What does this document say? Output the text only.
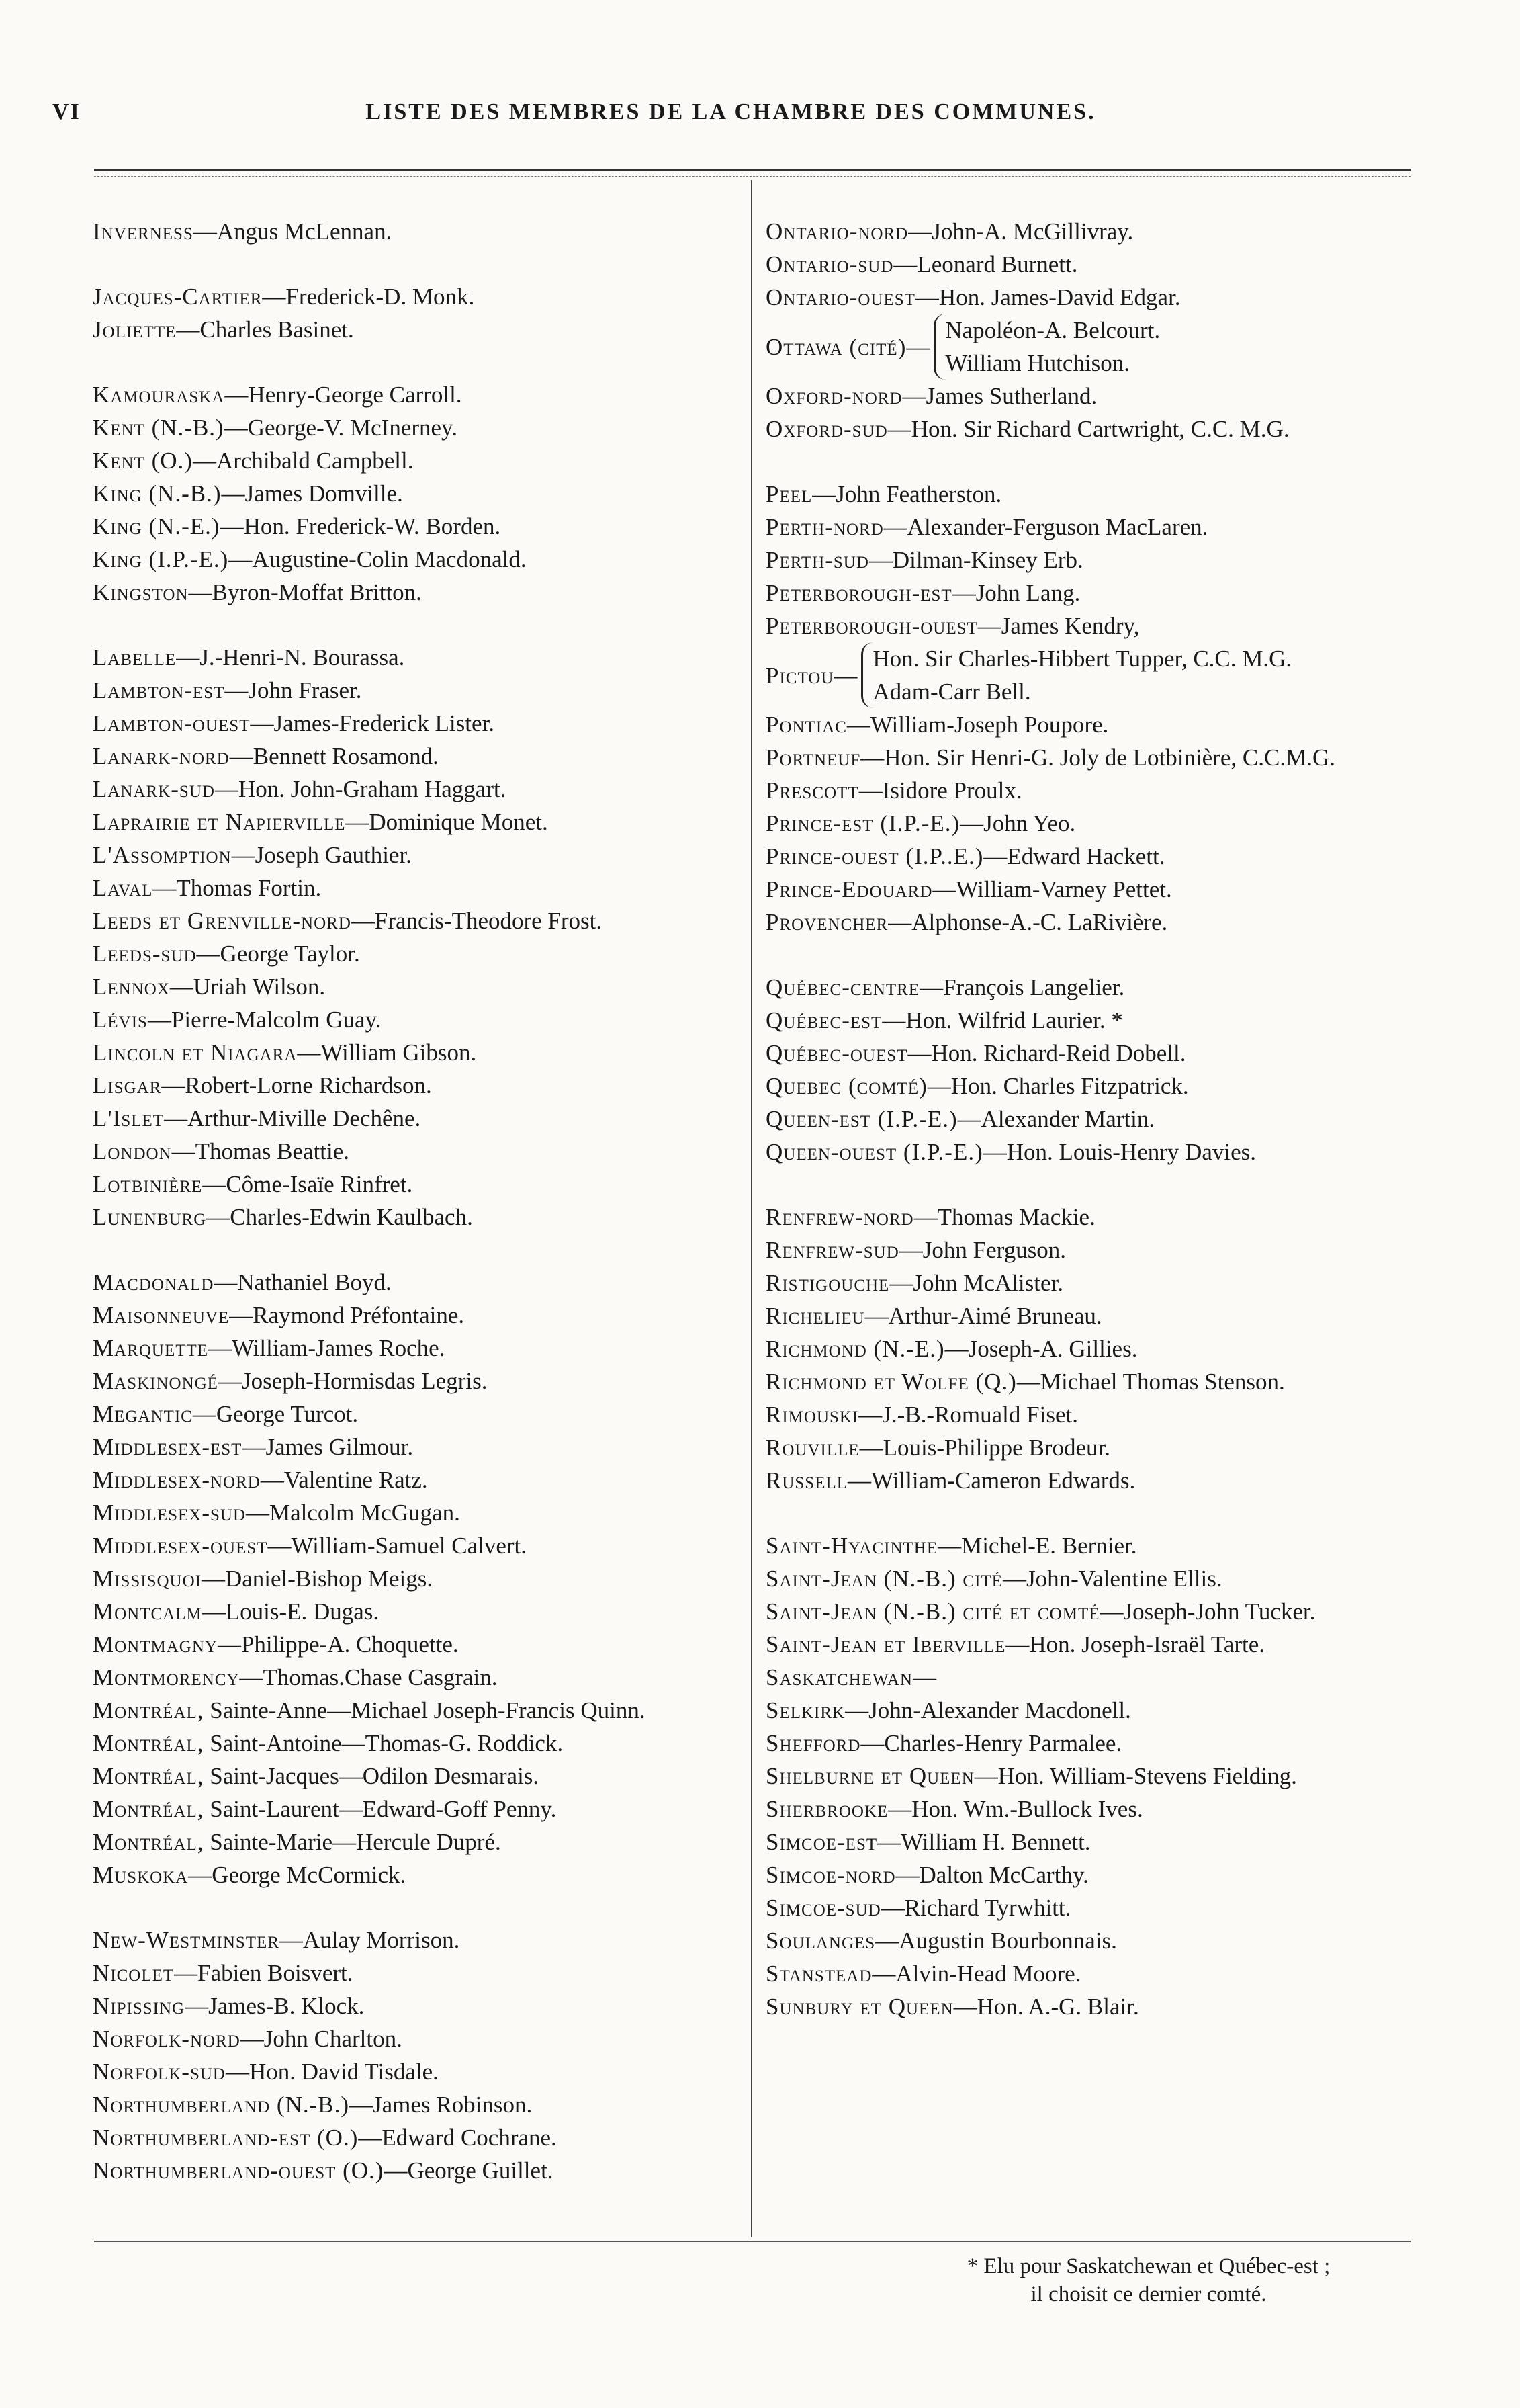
VI	LISTE DES MEMBRES DE LA CHAMBRE DES COMMUNES.
Inverness—Angus McLennan.
Jacques-Cartier—Frederick-D. Monk.
Joliette—Charles Basinet.
Kamouraska—Henry-George Carroll.
Kent (N.-B.)—George-V. McInerney.
Kent (O.)—Archibald Campbell.
King (N.-B.)—James Domville.
King (N.-E.)—Hon. Frederick-W. Borden.
King (I.P.-E.)—Augustine-Colin Macdonald.
Kingston—Byron-Moffat Britton.
Labelle—J.-Henri-N. Bourassa.
Lambton-est—John Fraser.
Lambton-ouest—James-Frederick Lister.
Lanark-nord—Bennett Rosamond.
Lanark-sud—Hon. John-Graham Haggart.
Laprairie et Napierville—Dominique Monet.
L'Assomption—Joseph Gauthier.
Laval—Thomas Fortin.
Leeds et Grenville-nord—Francis-Theodore Frost.
Leeds-sud—George Taylor.
Lennox—Uriah Wilson.
Lévis—Pierre-Malcolm Guay.
Lincoln et Niagara—William Gibson.
Lisgar—Robert-Lorne Richardson.
L'Islet—Arthur-Miville Dechêne.
London—Thomas Beattie.
Lotbinière—Côme-Isaïe Rinfret.
Lunenburg—Charles-Edwin Kaulbach.
Macdonald—Nathaniel Boyd.
Maisonneuve—Raymond Préfontaine.
Marquette—William-James Roche.
Maskinongé—Joseph-Hormisdas Legris.
Megantic—George Turcot.
Middlesex-est—James Gilmour.
Middlesex-nord—Valentine Ratz.
Middlesex-sud—Malcolm McGugan.
Middlesex-ouest—William-Samuel Calvert.
Missisquoi—Daniel-Bishop Meigs.
Montcalm—Louis-E. Dugas.
Montmagny—Philippe-A. Choquette.
Montmorency—Thomas.Chase Casgrain.
Montréal, Sainte-Anne—Michael Joseph-Francis Quinn.
Montréal, Saint-Antoine—Thomas-G. Roddick.
Montréal, Saint-Jacques—Odilon Desmarais.
Montréal, Saint-Laurent—Edward-Goff Penny.
Montréal, Sainte-Marie—Hercule Dupré.
Muskoka—George McCormick.
New-Westminster—Aulay Morrison.
Nicolet—Fabien Boisvert.
Nipissing—James-B. Klock.
Norfolk-nord—John Charlton.
Norfolk-sud—Hon. David Tisdale.
Northumberland (N.-B.)—James Robinson.
Northumberland-est (O.)—Edward Cochrane.
Northumberland-ouest (O.)—George Guillet.
Ontario-nord—John-A. McGillivray.
Ontario-sud—Leonard Burnett.
Ontario-ouest—Hon. James-David Edgar.
Ottawa (cité)—
Napoléon-A. Belcourt.
William Hutchison.
Oxford-nord—James Sutherland.
Oxford-sud—Hon. Sir Richard Cartwright, C.C. M.G.
Peel—John Featherston.
Perth-nord—Alexander-Ferguson MacLaren.
Perth-sud—Dilman-Kinsey Erb.
Peterborough-est—John Lang.
Peterborough-ouest—James Kendry,
Pictou—
Hon. Sir Charles-Hibbert Tupper, C.C. M.G.
Adam-Carr Bell.
Pontiac—William-Joseph Poupore.
Portneuf—Hon. Sir Henri-G. Joly de Lotbinière, C.C.M.G.
Prescott—Isidore Proulx.
Prince-est (I.P.-E.)—John Yeo.
Prince-ouest (I.P..E.)—Edward Hackett.
Prince-Edouard—William-Varney Pettet.
Provencher—Alphonse-A.-C. LaRivière.
Québec-centre—François Langelier.
Québec-est—Hon. Wilfrid Laurier. *
Québec-ouest—Hon. Richard-Reid Dobell.
Quebec (comté)—Hon. Charles Fitzpatrick.
Queen-est (I.P.-E.)—Alexander Martin.
Queen-ouest (I.P.-E.)—Hon. Louis-Henry Davies.
Renfrew-nord—Thomas Mackie.
Renfrew-sud—John Ferguson.
Ristigouche—John McAlister.
Richelieu—Arthur-Aimé Bruneau.
Richmond (N.-E.)—Joseph-A. Gillies.
Richmond et Wolfe (Q.)—Michael Thomas Stenson.
Rimouski—J.-B.-Romuald Fiset.
Rouville—Louis-Philippe Brodeur.
Russell—William-Cameron Edwards.
Saint-Hyacinthe—Michel-E. Bernier.
Saint-Jean (N.-B.) cité—John-Valentine Ellis.
Saint-Jean (N.-B.) cité et comté—Joseph-John Tucker.
Saint-Jean et Iberville—Hon. Joseph-Israël Tarte.
Saskatchewan—
Selkirk—John-Alexander Macdonell.
Shefford—Charles-Henry Parmalee.
Shelburne et Queen—Hon. William-Stevens Fielding.
Sherbrooke—Hon. Wm.-Bullock Ives.
Simcoe-est—William H. Bennett.
Simcoe-nord—Dalton McCarthy.
Simcoe-sud—Richard Tyrwhitt.
Soulanges—Augustin Bourbonnais.
Stanstead—Alvin-Head Moore.
Sunbury et Queen—Hon. A.-G. Blair.
* Elu pour Saskatchewan et Québec-est ;
il choisit ce dernier comté.
